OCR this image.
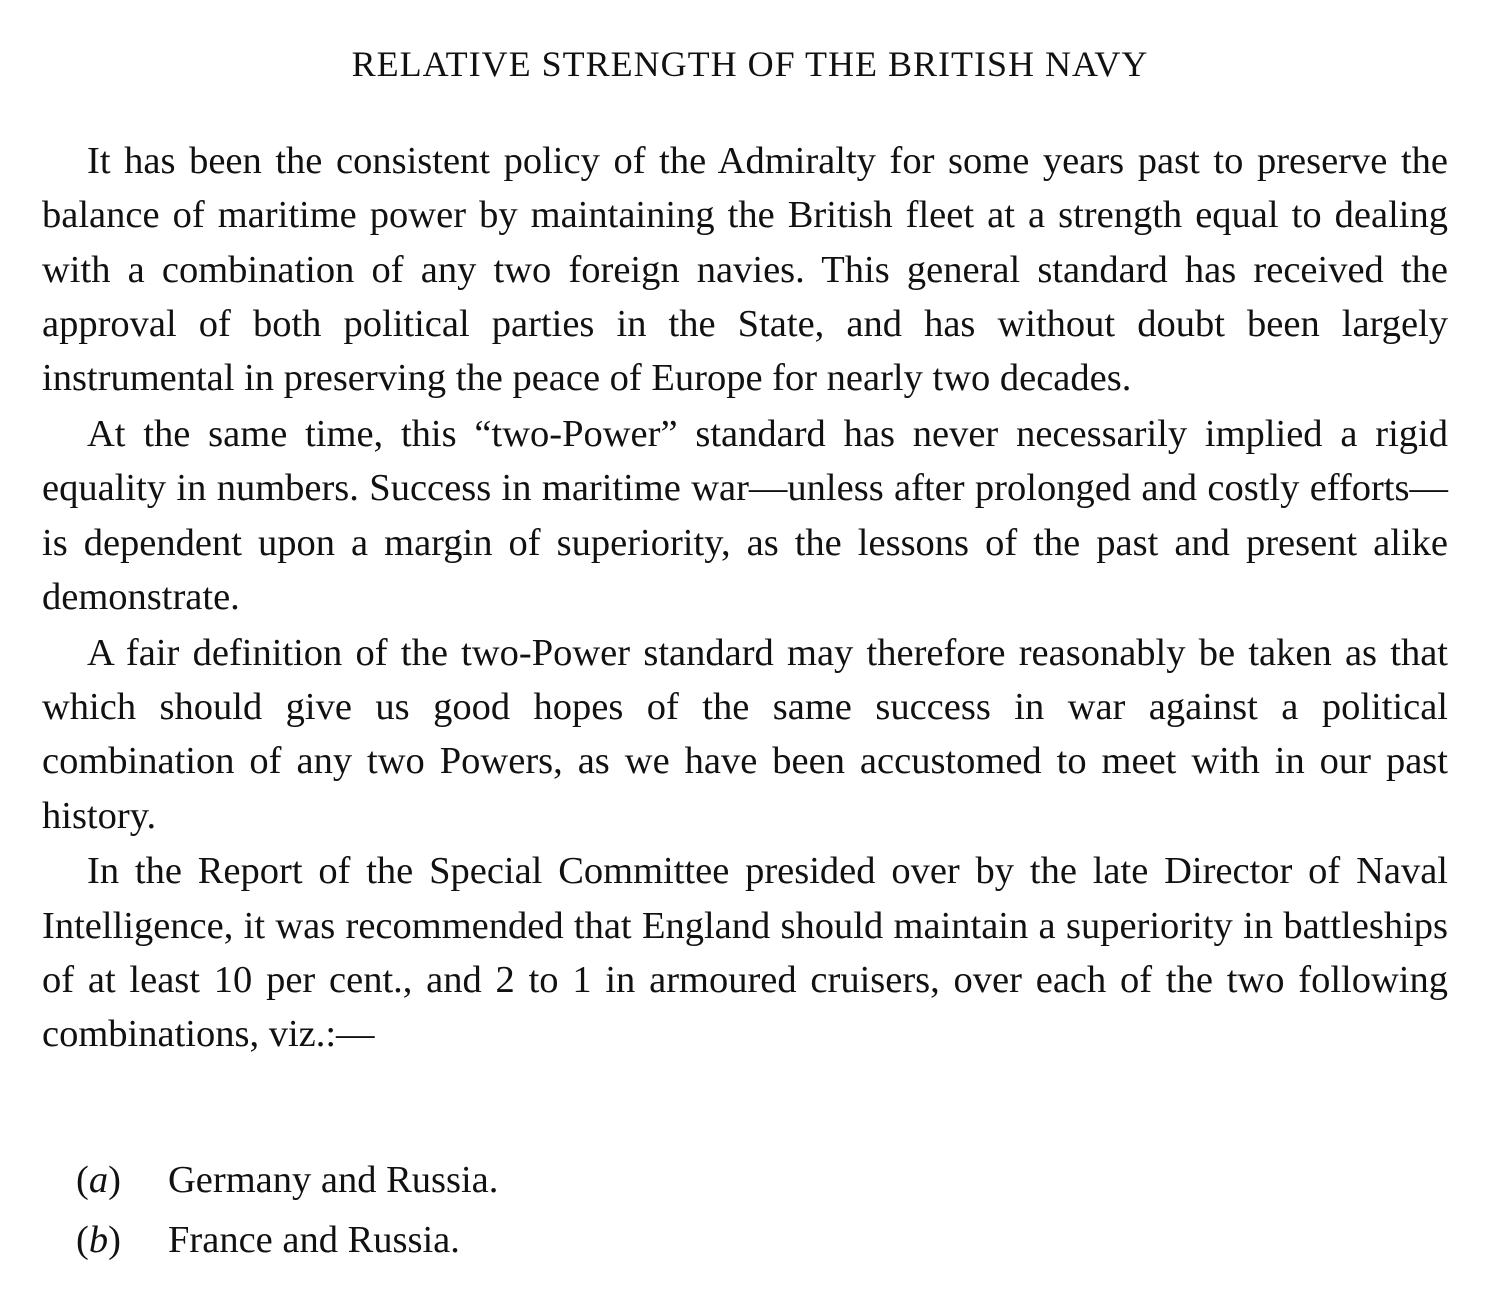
RELATIVE STRENGTH OF THE BRITISH NAVY

It has been the consistent policy of the Admiralty for some years past to preserve the balance of maritime power by maintaining the British fleet at a strength equal to dealing with a combination of any two foreign navies. This general standard has received the approval of both political parties in the State, and has without doubt been largely instrumental in preserving the peace of Europe for nearly two decades.

At the same time, this “two-Power” standard has never necessarily implied a rigid equality in numbers. Success in maritime war—unless after prolonged and costly efforts—is dependent upon a margin of superiority, as the lessons of the past and present alike demonstrate.

A fair definition of the two-Power standard may therefore reasonably be taken as that which should give us good hopes of the same success in war against a political combination of any two Powers, as we have been accustomed to meet with in our past history.

In the Report of the Special Committee presided over by the late Director of Naval Intelligence, it was recommended that England should maintain a superiority in battleships of at least 10 per cent., and 2 to 1 in armoured cruisers, over each of the two following combinations, viz.:—

(a)	Germany and Russia.
(b)	France and Russia.
